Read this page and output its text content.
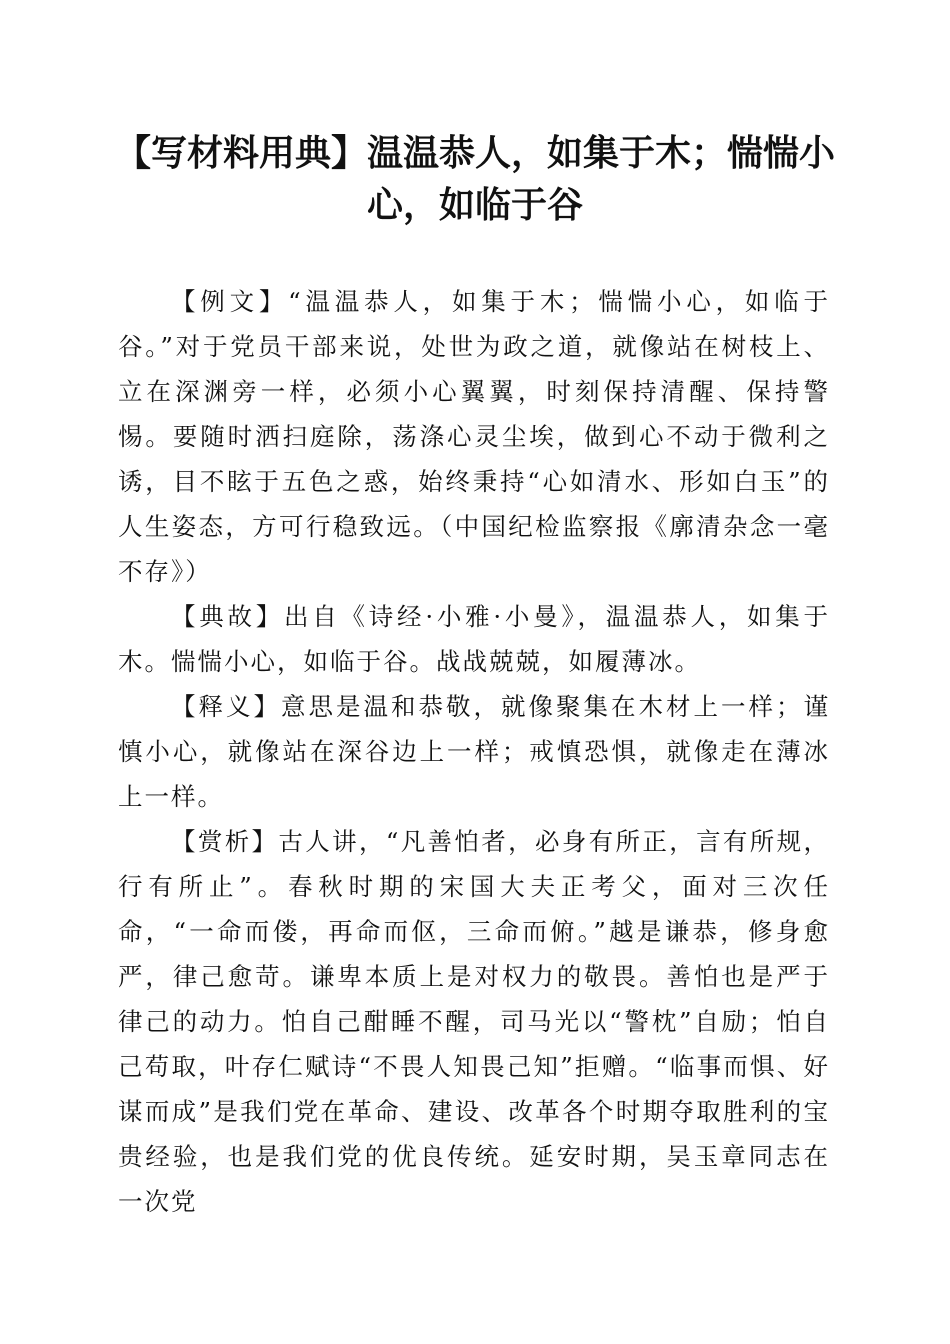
【写材料用典】温温恭人，如集于木；惴惴小心，如临于谷

【例文】“温温恭人，如集于木；惴惴小心，如临于谷。”对于党员干部来说，处世为政之道，就像站在树枝上、立在深渊旁一样，必须小心翼翼，时刻保持清醒、保持警惕。要随时洒扫庭除，荡涤心灵尘埃，做到心不动于微利之诱，目不眩于五色之惑，始终秉持“心如清水、形如白玉”的人生姿态，方可行稳致远。（中国纪检监察报《廓清杂念一毫不存》）

【典故】出自《诗经·小雅·小曼》，温温恭人，如集于木。惴惴小心，如临于谷。战战兢兢，如履薄冰。

【释义】意思是温和恭敬，就像聚集在木材上一样；谨慎小心，就像站在深谷边上一样；戒慎恐惧，就像走在薄冰上一样。

【赏析】古人讲，“凡善怕者，必身有所正，言有所规，行有所止”。春秋时期的宋国大夫正考父，面对三次任命，“一命而偻，再命而伛，三命而俯。”越是谦恭，修身愈严，律己愈苛。谦卑本质上是对权力的敬畏。善怕也是严于律己的动力。怕自己酣睡不醒，司马光以“警枕”自励；怕自己苟取，叶存仁赋诗“不畏人知畏己知”拒赠。“临事而惧、好谋而成”是我们党在革命、建设、改革各个时期夺取胜利的宝贵经验，也是我们党的优良传统。延安时期，吴玉章同志在一次党
